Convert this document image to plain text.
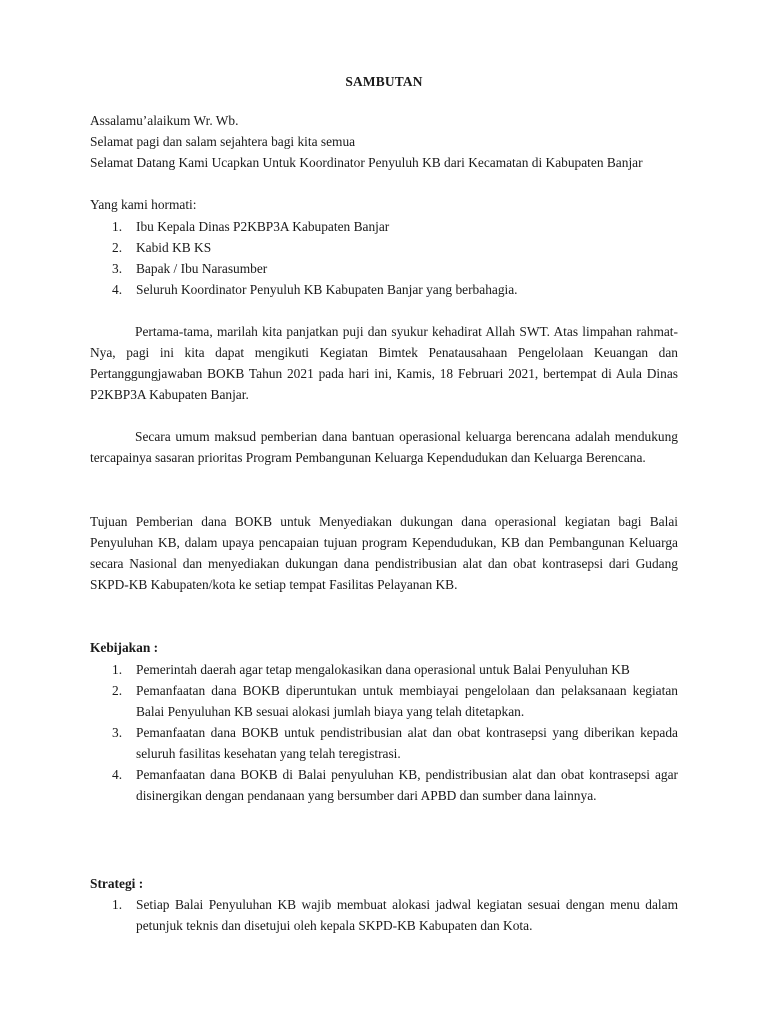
SAMBUTAN
Assalamu’alaikum Wr. Wb.
Selamat pagi dan salam sejahtera bagi kita semua

Selamat Datang Kami Ucapkan Untuk Koordinator Penyuluh KB dari Kecamatan di Kabupaten Banjar

Yang kami hormati:
1. Ibu Kepala Dinas P2KBP3A Kabupaten Banjar
2. Kabid KB KS
3. Bapak / Ibu Narasumber
4. Seluruh Koordinator Penyuluh KB Kabupaten Banjar yang berbahagia.

Pertama-tama, marilah kita panjatkan puji dan syukur kehadirat Allah SWT. Atas limpahan rahmat-Nya, pagi ini kita dapat mengikuti Kegiatan Bimtek Penatausahaan Pengelolaan Keuangan dan Pertanggungjawaban BOKB Tahun 2021 pada hari ini, Kamis, 18 Februari 2021, bertempat di Aula Dinas P2KBP3A Kabupaten Banjar.

Secara umum maksud pemberian dana bantuan operasional keluarga berencana adalah mendukung tercapainya sasaran prioritas Program Pembangunan Keluarga Kependudukan dan Keluarga Berencana.

Tujuan Pemberian dana BOKB untuk Menyediakan dukungan dana operasional kegiatan bagi Balai Penyuluhan KB, dalam upaya pencapaian tujuan program Kependudukan, KB dan Pembangunan Keluarga secara Nasional dan menyediakan dukungan dana pendistribusian alat dan obat kontrasepsi dari Gudang SKPD-KB Kabupaten/kota ke setiap tempat Fasilitas Pelayanan KB.

Kebijakan :
1. Pemerintah daerah agar tetap mengalokasikan dana operasional untuk Balai Penyuluhan KB
2. Pemanfaatan dana BOKB diperuntukan untuk membiayai pengelolaan dan pelaksanaan kegiatan Balai Penyuluhan KB sesuai alokasi jumlah biaya yang telah ditetapkan.
3. Pemanfaatan dana BOKB untuk pendistribusian alat dan obat kontrasepsi yang diberikan kepada seluruh fasilitas kesehatan yang telah teregistrasi.
4. Pemanfaatan dana BOKB di Balai penyuluhan KB, pendistribusian alat dan obat kontrasepsi agar disinergikan dengan pendanaan yang bersumber dari APBD dan sumber dana lainnya.
Strategi :
1. Setiap Balai Penyuluhan KB wajib membuat alokasi jadwal kegiatan sesuai dengan menu dalam petunjuk teknis dan disetujui oleh kepala SKPD-KB Kabupaten dan Kota.
